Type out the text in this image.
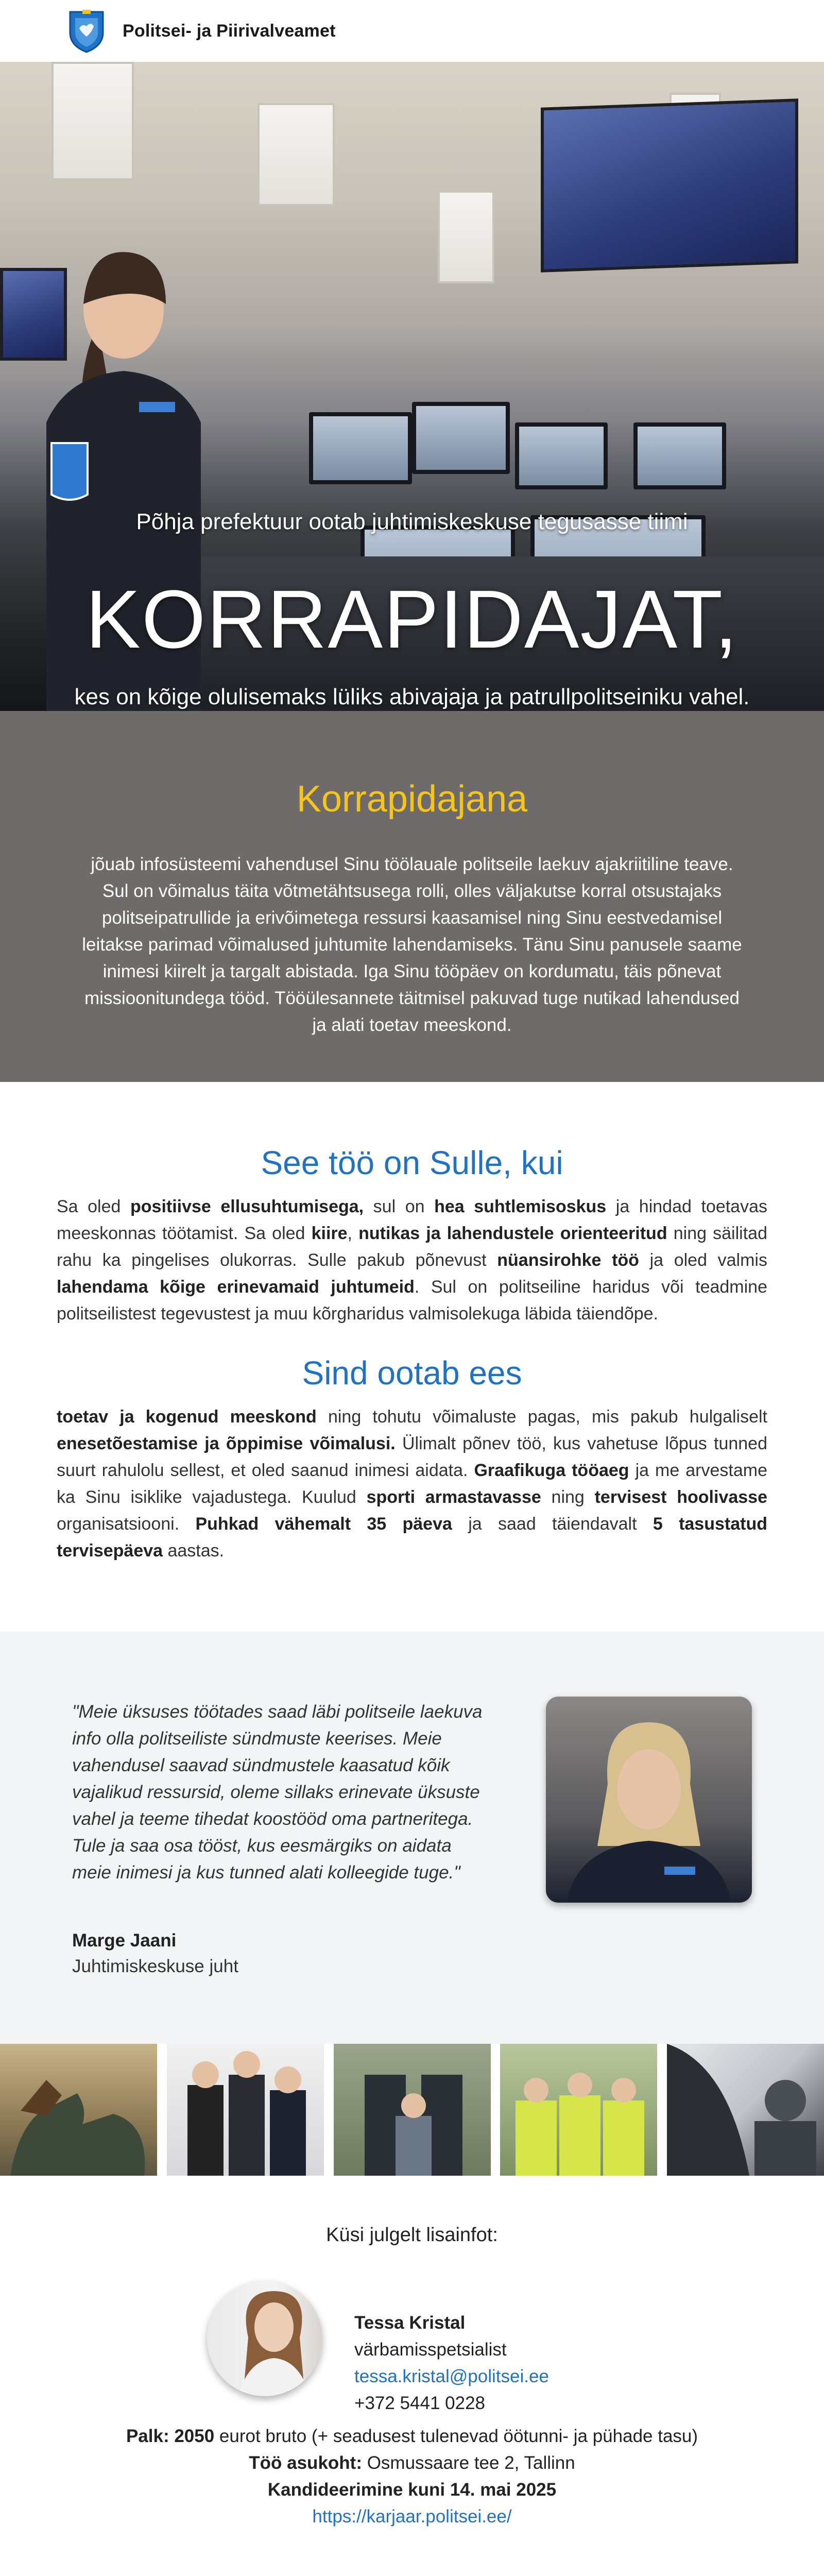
Politsei- ja Piirivalveamet
Põhja prefektuur ootab juhtimiskeskuse tegusasse tiimi
KORRAPIDAJAT,
kes on kõige olulisemaks lüliks abivajaja ja patrullpolitseiniku vahel.
Korrapidajana

jõuab infosüsteemi vahendusel Sinu töölauale politseile laekuv ajakriitiline teave. Sul on võimalus täita võtmetähtsusega rolli, olles väljakutse korral otsustajaks politseipatrullide ja erivõimetega ressursi kaasamisel ning Sinu eestvedamisel leitakse parimad võimalused juhtumite lahendamiseks. Tänu Sinu panusele saame inimesi kiirelt ja targalt abistada. Iga Sinu tööpäev on kordumatu, täis põnevat missioonitundega tööd. Tööülesannete täitmisel pakuvad tuge nutikad lahendused ja alati toetav meeskond.

See töö on Sulle, kui

Sa oled positiivse ellusuhtumisega, sul on hea suhtlemisoskus ja hindad toetavas meeskonnas töötamist. Sa oled kiire, nutikas ja lahendustele orienteeritud ning säilitad rahu ka pingelises olukorras. Sulle pakub põnevust nüansirohke töö ja oled valmis lahendama kõige erinevamaid juhtumeid. Sul on politseiline haridus või teadmine politseilistest tegevustest ja muu kõrgharidus valmisolekuga läbida täiendõpe.

Sind ootab ees

toetav ja kogenud meeskond ning tohutu võimaluste pagas, mis pakub hulgaliselt enesetõestamise ja õppimise võimalusi. Ülimalt põnev töö, kus vahetuse lõpus tunned suurt rahulolu sellest, et oled saanud inimesi aidata. Graafikuga tööaeg ja me arvestame ka Sinu isiklike vajadustega. Kuulud sporti armastavasse ning tervisest hoolivasse organisatsiooni. Puhkad vähemalt 35 päeva ja saad täiendavalt 5 tasustatud tervisepäeva aastas.

"Meie üksuses töötades saad läbi politseile laekuva info olla politseiliste sündmuste keerises. Meie vahendusel saavad sündmustele kaasatud kõik vajalikud ressursid, oleme sillaks erinevate üksuste vahel ja teeme tihedat koostööd oma partneritega. Tule ja saa osa tööst, kus eesmärgiks on aidata meie inimesi ja kus tunned alati kolleegide tuge."
Marge Jaani
Juhtimiskeskuse juht
Küsi julgelt lisainfot:
Tessa Kristal
värbamisspetsialist
tessa.kristal@politsei.ee
+372 5441 0228
Palk: 2050 eurot bruto (+ seadusest tulenevad öötunni- ja pühade tasu)
Töö asukoht: Osmussaare tee 2, Tallinn
Kandideerimine kuni 14. mai 2025
https://karjaar.politsei.ee/
